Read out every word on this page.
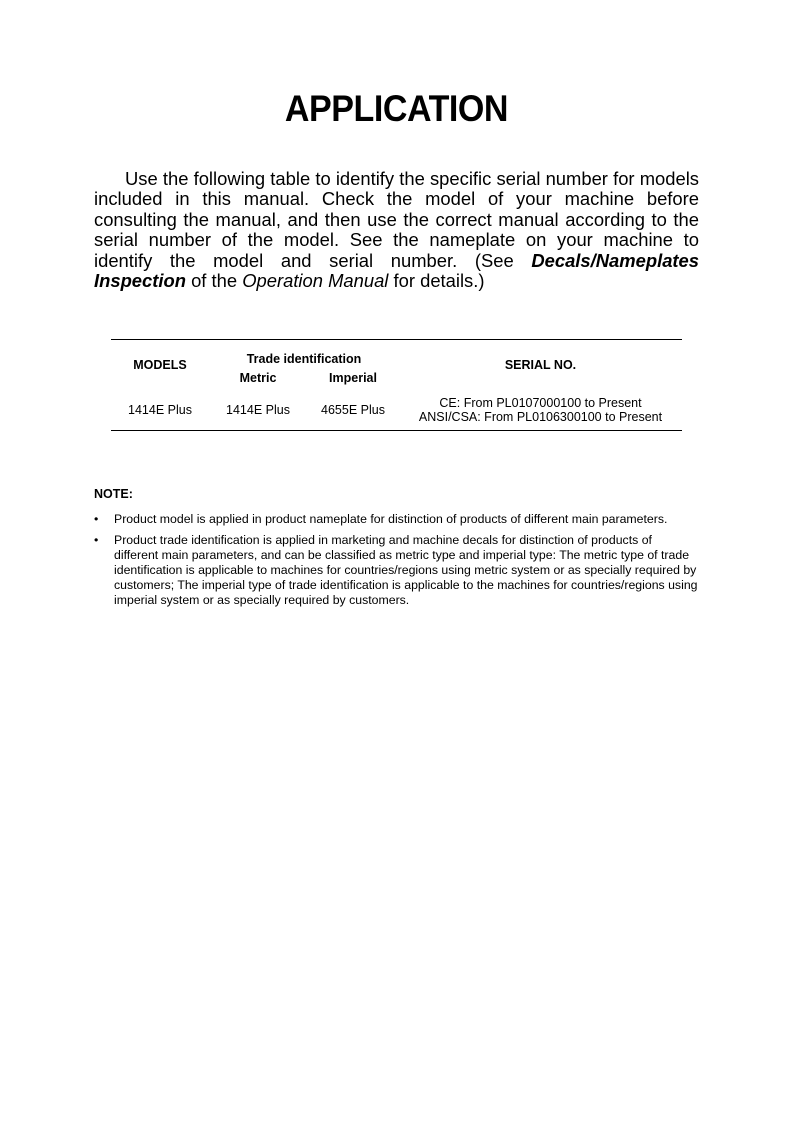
APPLICATION

Use the following table to identify the specific serial number for models included in this manual. Check the model of your machine before consulting the manual, and then use the correct manual according to the serial number of the model. See the nameplate on your machine to identify the model and serial number. (See Decals/Nameplates Inspection of the Operation Manual for details.)

MODELS	Trade identification		SERIAL NO.
	Metric	Imperial	
1414E Plus	1414E Plus	4655E Plus	CE: From PL0107000100 to Present
ANSI/CSA: From PL0106300100 to Present

NOTE:

• Product model is applied in product nameplate for distinction of products of different main parameters.
• Product trade identification is applied in marketing and machine decals for distinction of products of different main parameters, and can be classified as metric type and imperial type: The metric type of trade identification is applicable to machines for countries/regions using metric system or as specially required by customers; The imperial type of trade identification is applicable to the machines for countries/regions using imperial system or as specially required by customers.
